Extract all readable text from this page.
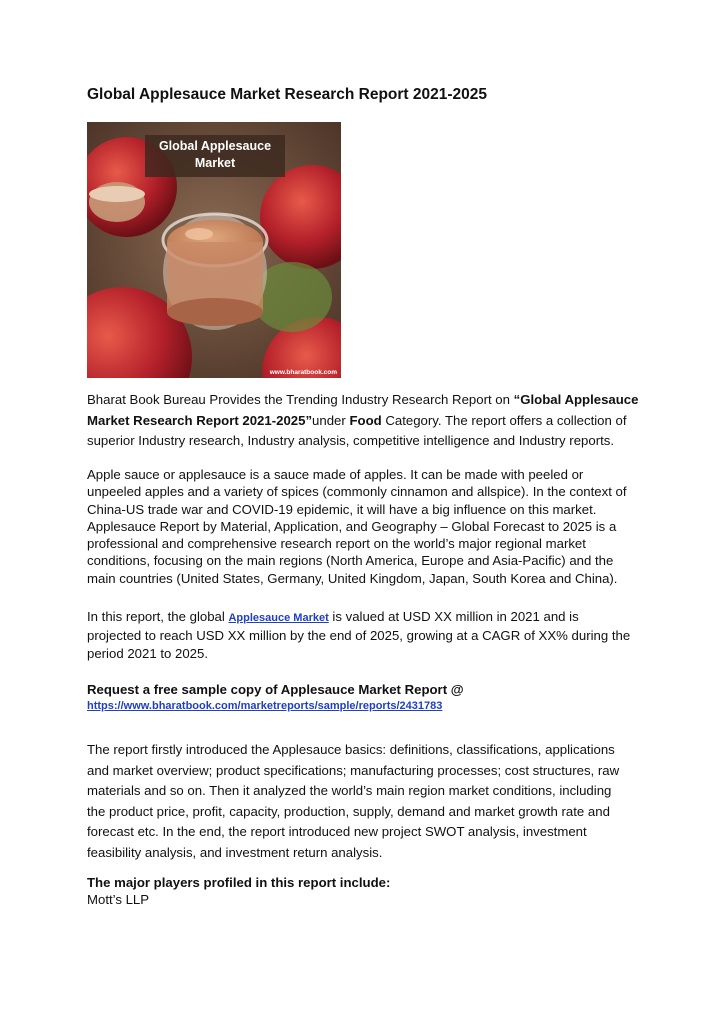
Global Applesauce Market Research Report 2021-2025
Global Applesauce
Market
www.bharatbook.com
Bharat Book Bureau Provides the Trending Industry Research Report on “Global Applesauce
Market Research Report 2021-2025”under Food Category. The report offers a collection of
superior Industry research, Industry analysis, competitive intelligence and Industry reports.
Apple sauce or applesauce is a sauce made of apples. It can be made with peeled or
unpeeled apples and a variety of spices (commonly cinnamon and allspice). In the context of
China-US trade war and COVID-19 epidemic, it will have a big influence on this market.
Applesauce Report by Material, Application, and Geography – Global Forecast to 2025 is a
professional and comprehensive research report on the world’s major regional market
conditions, focusing on the main regions (North America, Europe and Asia-Pacific) and the
main countries (United States, Germany, United Kingdom, Japan, South Korea and China).
In this report, the global Applesauce Market is valued at USD XX million in 2021 and is
projected to reach USD XX million by the end of 2025, growing at a CAGR of XX% during the
period 2021 to 2025.
Request a free sample copy of Applesauce Market Report @
https://www.bharatbook.com/marketreports/sample/reports/2431783
The report firstly introduced the Applesauce basics: definitions, classifications, applications
and market overview; product specifications; manufacturing processes; cost structures, raw
materials and so on. Then it analyzed the world’s main region market conditions, including
the product price, profit, capacity, production, supply, demand and market growth rate and
forecast etc. In the end, the report introduced new project SWOT analysis, investment
feasibility analysis, and investment return analysis.
The major players profiled in this report include:
Mott’s LLP
